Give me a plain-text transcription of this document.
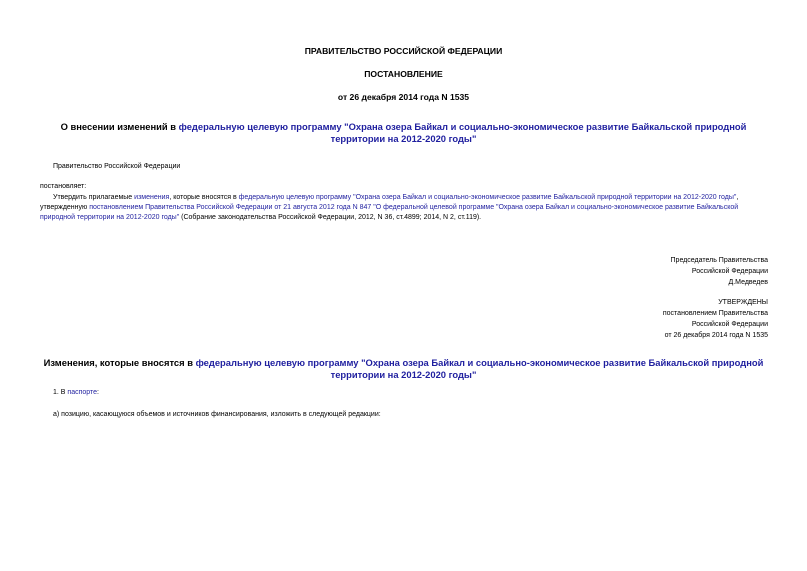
ПРАВИТЕЛЬСТВО РОССИЙСКОЙ ФЕДЕРАЦИИ
ПОСТАНОВЛЕНИЕ
от 26 декабря 2014 года N 1535
О внесении изменений в федеральную целевую программу "Охрана озера Байкал и социально-экономическое развитие Байкальской природной территории на 2012-2020 годы"
Правительство Российской Федерации
постановляет:
Утвердить прилагаемые изменения, которые вносятся в федеральную целевую программу "Охрана озера Байкал и социально-экономическое развитие Байкальской природной территории на 2012-2020 годы",
утвержденную постановлением Правительства Российской Федерации от 21 августа 2012 года N 847 "О федеральной целевой программе "Охрана озера Байкал и социально-экономическое развитие Байкальской
природной территории на 2012-2020 годы" (Собрание законодательства Российской Федерации, 2012, N 36, ст.4899; 2014, N 2, ст.119).
Председатель Правительства
Российской Федерации
Д.Медведев
УТВЕРЖДЕНЫ
постановлением Правительства
Российской Федерации
от 26 декабря 2014 года N 1535
Изменения, которые вносятся в федеральную целевую программу "Охрана озера Байкал и социально-экономическое развитие Байкальской природной
территории на 2012-2020 годы"
1. В паспорте:
а) позицию, касающуюся объемов и источников финансирования, изложить в следующей редакции:
